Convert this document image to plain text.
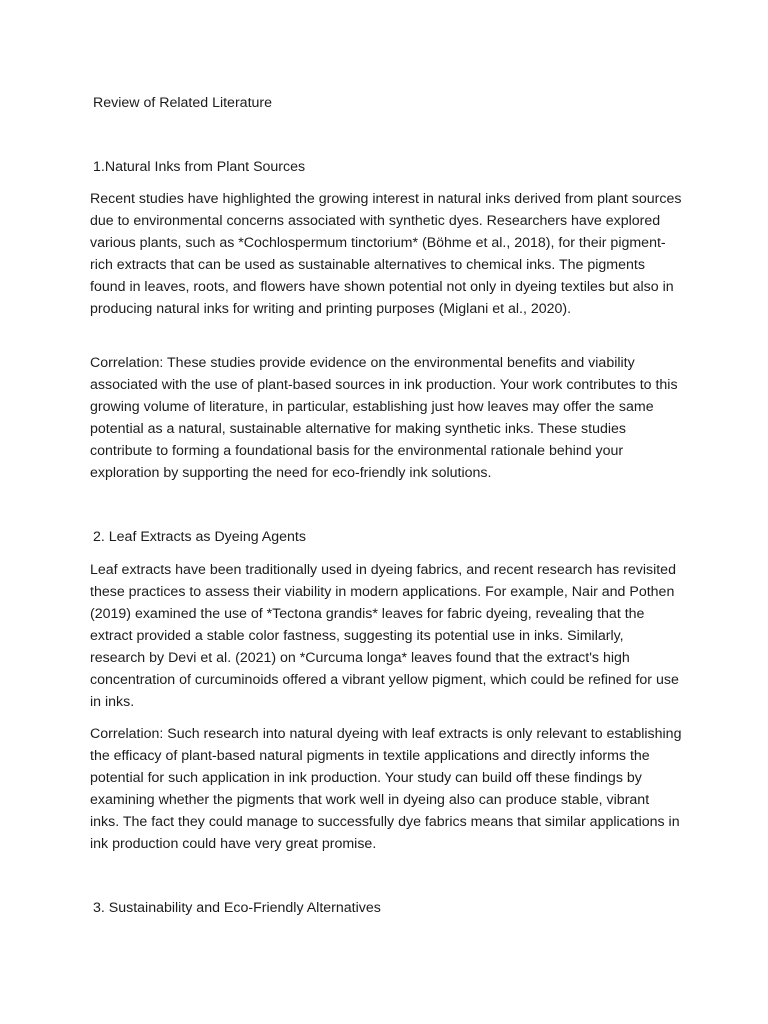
Review of Related Literature
1.Natural Inks from Plant Sources

Recent studies have highlighted the growing interest in natural inks derived from plant sources due to environmental concerns associated with synthetic dyes. Researchers have explored various plants, such as *Cochlospermum tinctorium* (Böhme et al., 2018), for their pigment-rich extracts that can be used as sustainable alternatives to chemical inks. The pigments found in leaves, roots, and flowers have shown potential not only in dyeing textiles but also in producing natural inks for writing and printing purposes (Miglani et al., 2020).

Correlation: These studies provide evidence on the environmental benefits and viability associated with the use of plant-based sources in ink production. Your work contributes to this growing volume of literature, in particular, establishing just how leaves may offer the same potential as a natural, sustainable alternative for making synthetic inks. These studies contribute to forming a foundational basis for the environmental rationale behind your exploration by supporting the need for eco-friendly ink solutions.

2. Leaf Extracts as Dyeing Agents

Leaf extracts have been traditionally used in dyeing fabrics, and recent research has revisited these practices to assess their viability in modern applications. For example, Nair and Pothen (2019) examined the use of *Tectona grandis* leaves for fabric dyeing, revealing that the extract provided a stable color fastness, suggesting its potential use in inks. Similarly, research by Devi et al. (2021) on *Curcuma longa* leaves found that the extract's high concentration of curcuminoids offered a vibrant yellow pigment, which could be refined for use in inks.

Correlation: Such research into natural dyeing with leaf extracts is only relevant to establishing the efficacy of plant-based natural pigments in textile applications and directly informs the potential for such application in ink production. Your study can build off these findings by examining whether the pigments that work well in dyeing also can produce stable, vibrant inks. The fact they could manage to successfully dye fabrics means that similar applications in ink production could have very great promise.

3. Sustainability and Eco-Friendly Alternatives
